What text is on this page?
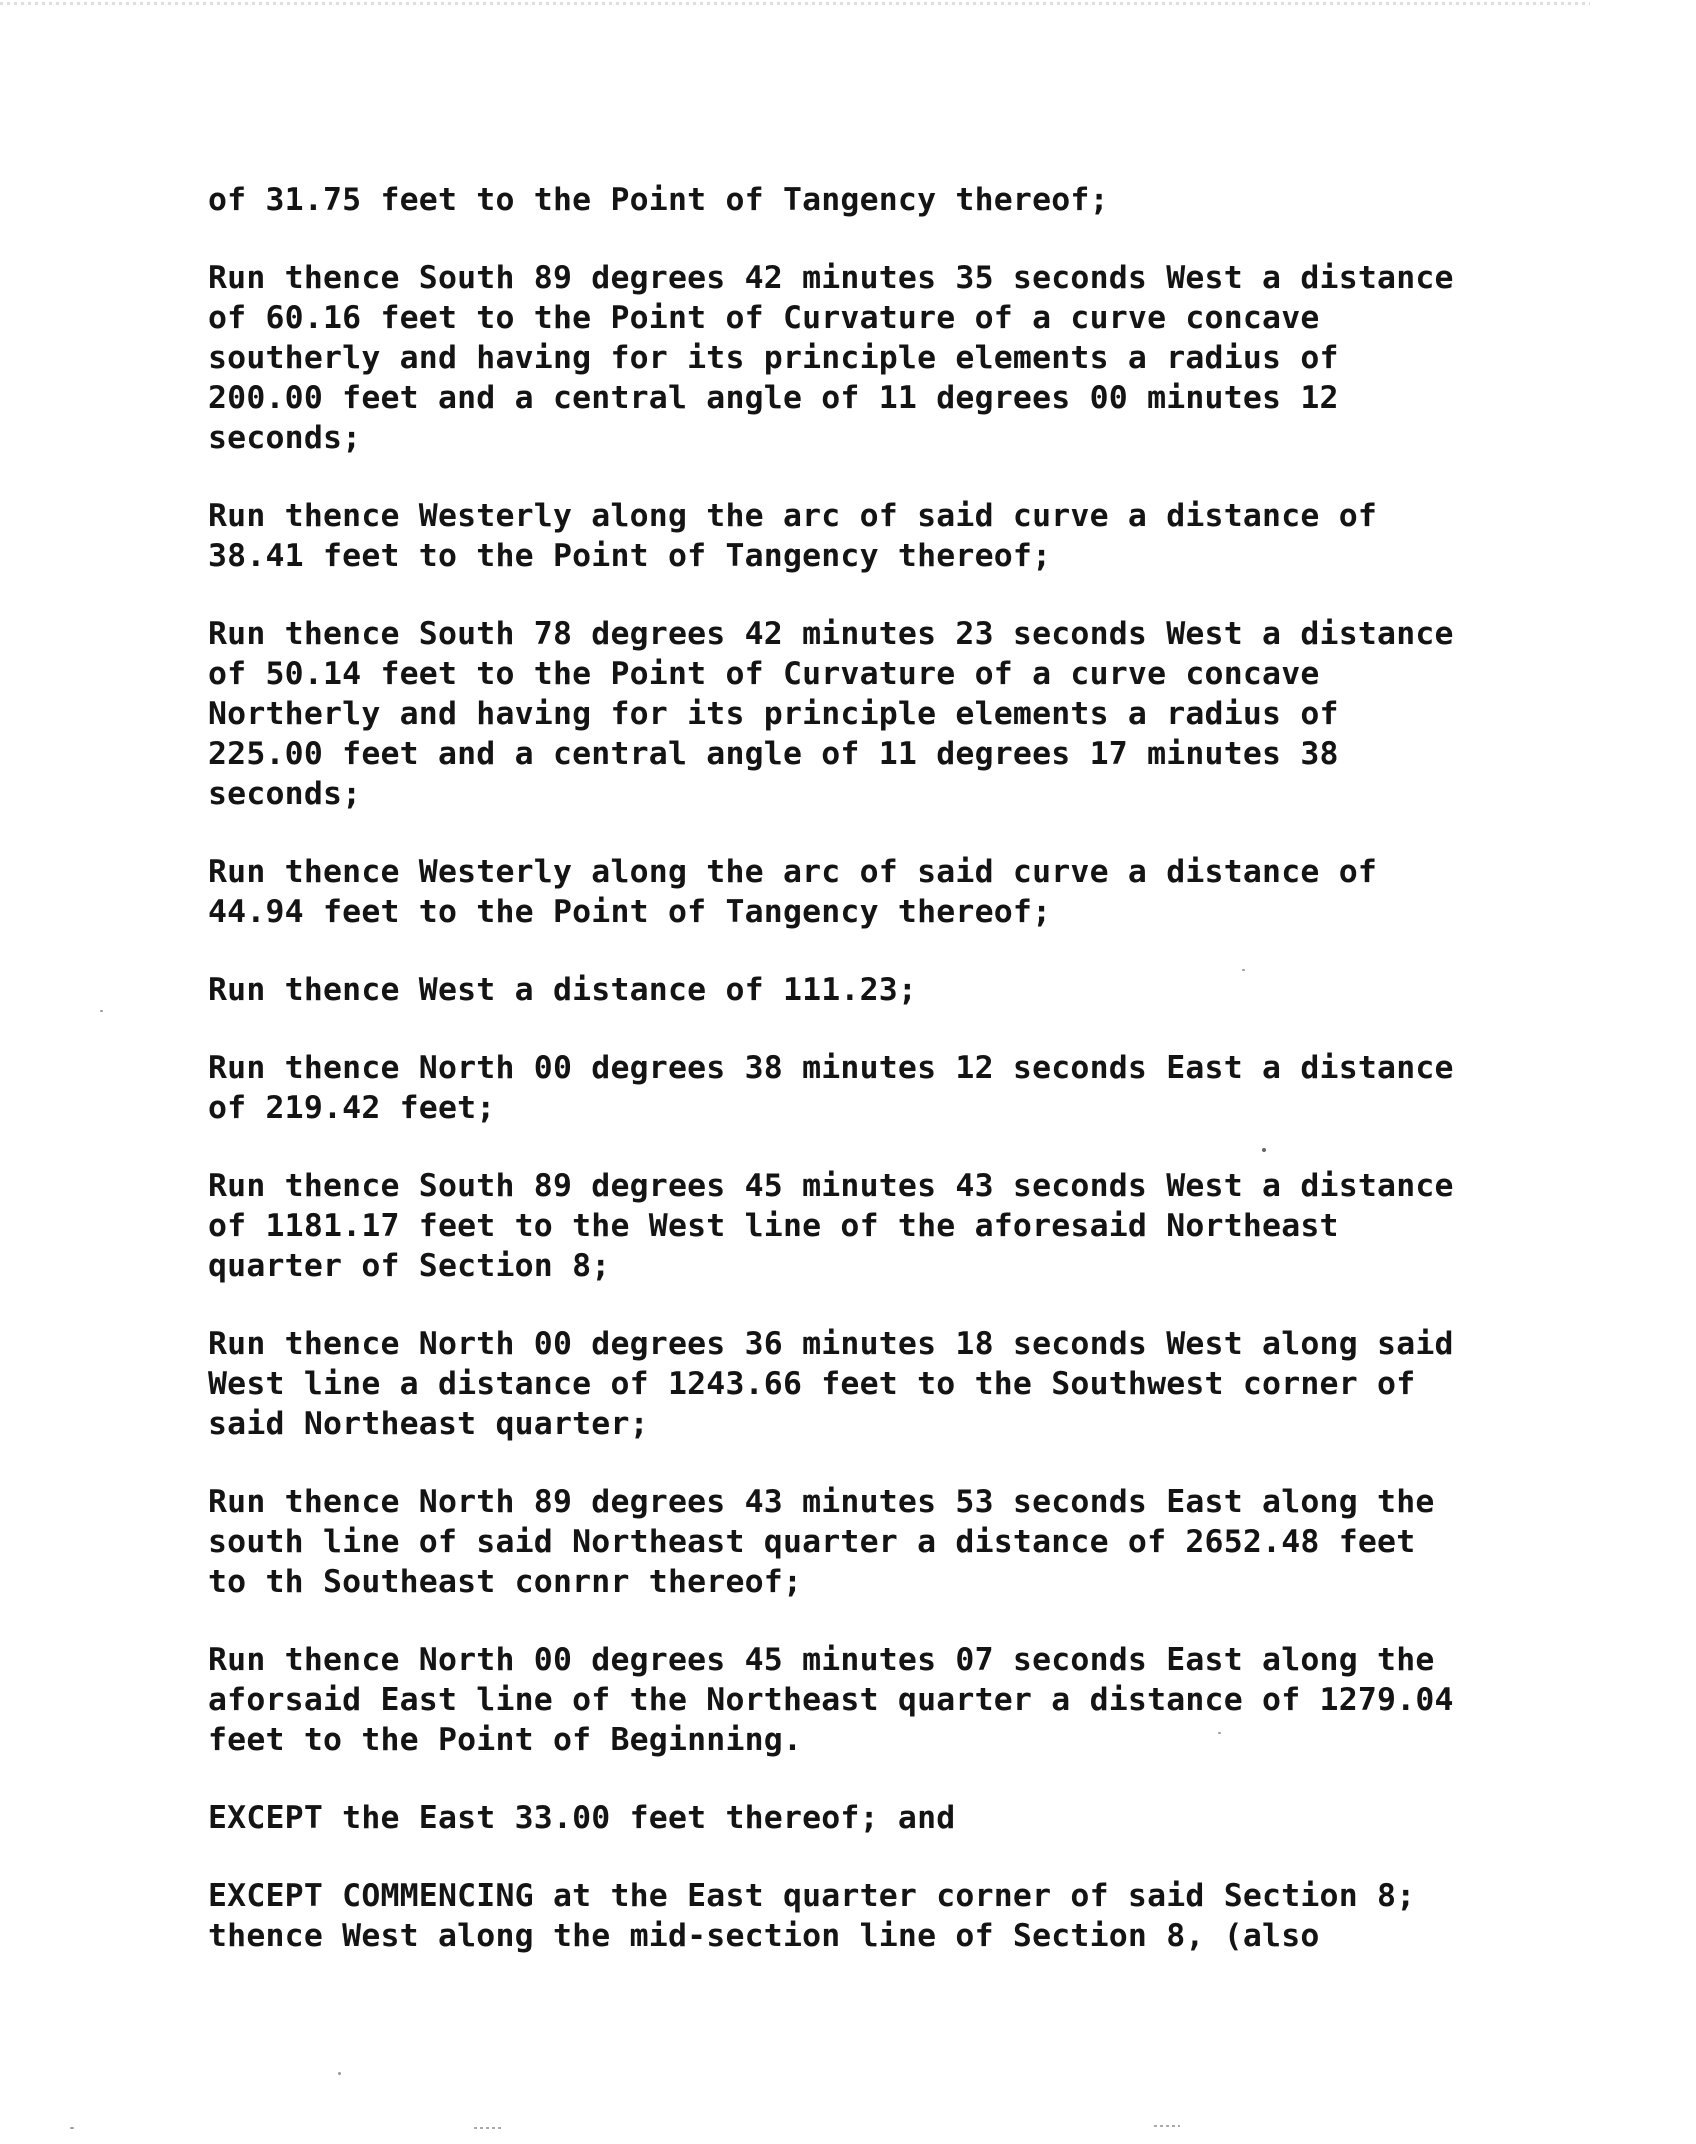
of 31.75 feet to the Point of Tangency thereof;

Run thence South 89 degrees 42 minutes 35 seconds West a distance
of 60.16 feet to the Point of Curvature of a curve concave
southerly and having for its principle elements a radius of
200.00 feet and a central angle of 11 degrees 00 minutes 12
seconds;

Run thence Westerly along the arc of said curve a distance of
38.41 feet to the Point of Tangency thereof;

Run thence South 78 degrees 42 minutes 23 seconds West a distance
of 50.14 feet to the Point of Curvature of a curve concave
Northerly and having for its principle elements a radius of
225.00 feet and a central angle of 11 degrees 17 minutes 38
seconds;

Run thence Westerly along the arc of said curve a distance of
44.94 feet to the Point of Tangency thereof;

Run thence West a distance of 111.23;

Run thence North 00 degrees 38 minutes 12 seconds East a distance
of 219.42 feet;

Run thence South 89 degrees 45 minutes 43 seconds West a distance
of 1181.17 feet to the West line of the aforesaid Northeast
quarter of Section 8;

Run thence North 00 degrees 36 minutes 18 seconds West along said
West line a distance of 1243.66 feet to the Southwest corner of
said Northeast quarter;

Run thence North 89 degrees 43 minutes 53 seconds East along the
south line of said Northeast quarter a distance of 2652.48 feet
to th Southeast conrnr thereof;

Run thence North 00 degrees 45 minutes 07 seconds East along the
aforsaid East line of the Northeast quarter a distance of 1279.04
feet to the Point of Beginning.

EXCEPT the East 33.00 feet thereof; and

EXCEPT COMMENCING at the East quarter corner of said Section 8;
thence West along the mid-section line of Section 8, (also
